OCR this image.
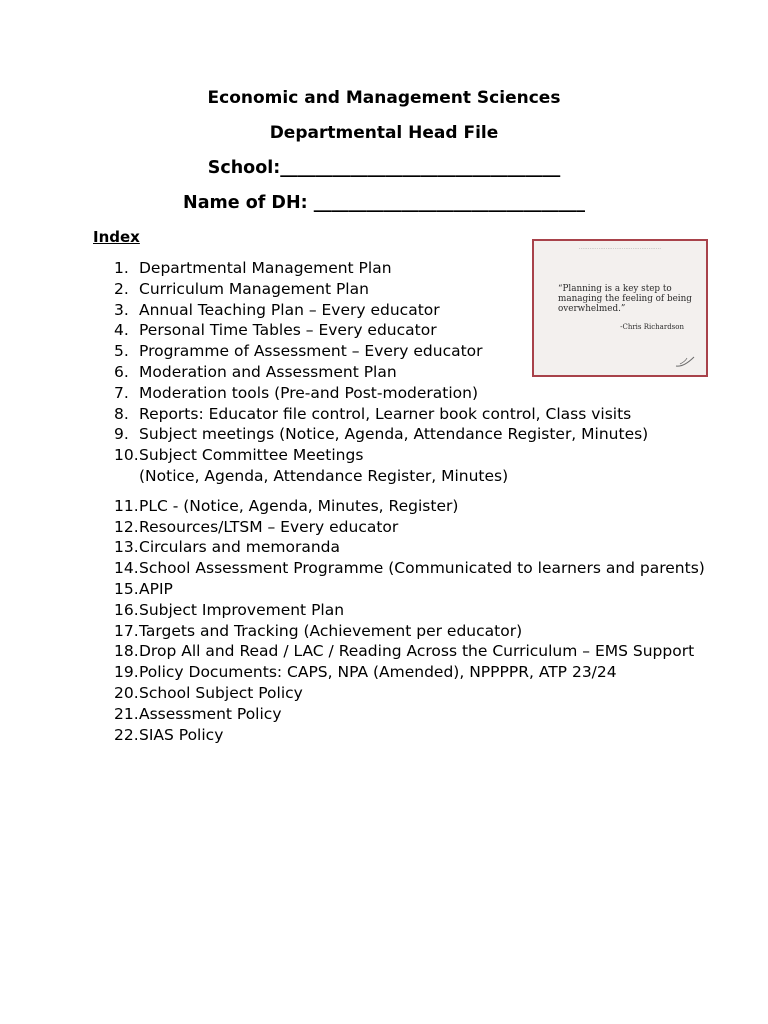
Economic and Management Sciences
Departmental Head File
School:________________________________
Name of DH: _______________________________
Index
1. Departmental Management Plan
2. Curriculum Management Plan
3. Annual Teaching Plan – Every educator
4. Personal Time Tables – Every educator
5. Programme of Assessment – Every educator
6. Moderation and Assessment Plan
7. Moderation tools (Pre-and Post-moderation)
8. Reports: Educator file control, Learner book control, Class visits
9. Subject meetings (Notice, Agenda, Attendance Register, Minutes)
10. Subject Committee Meetings
(Notice, Agenda, Attendance Register, Minutes)
11. PLC - (Notice, Agenda, Minutes, Register)
12. Resources/LTSM – Every educator
13. Circulars and memoranda
14. School Assessment Programme (Communicated to learners and parents)
15. APIP
16. Subject Improvement Plan
17. Targets and Tracking (Achievement per educator)
18. Drop All and Read / LAC / Reading Across the Curriculum – EMS Support
19. Policy Documents: CAPS, NPA (Amended), NPPPPR, ATP 23/24
20. School Subject Policy
21. Assessment Policy
22. SIAS Policy
··············································
“Planning is a key step to managing the feeling of being overwhelmed.”
-Chris Richardson
